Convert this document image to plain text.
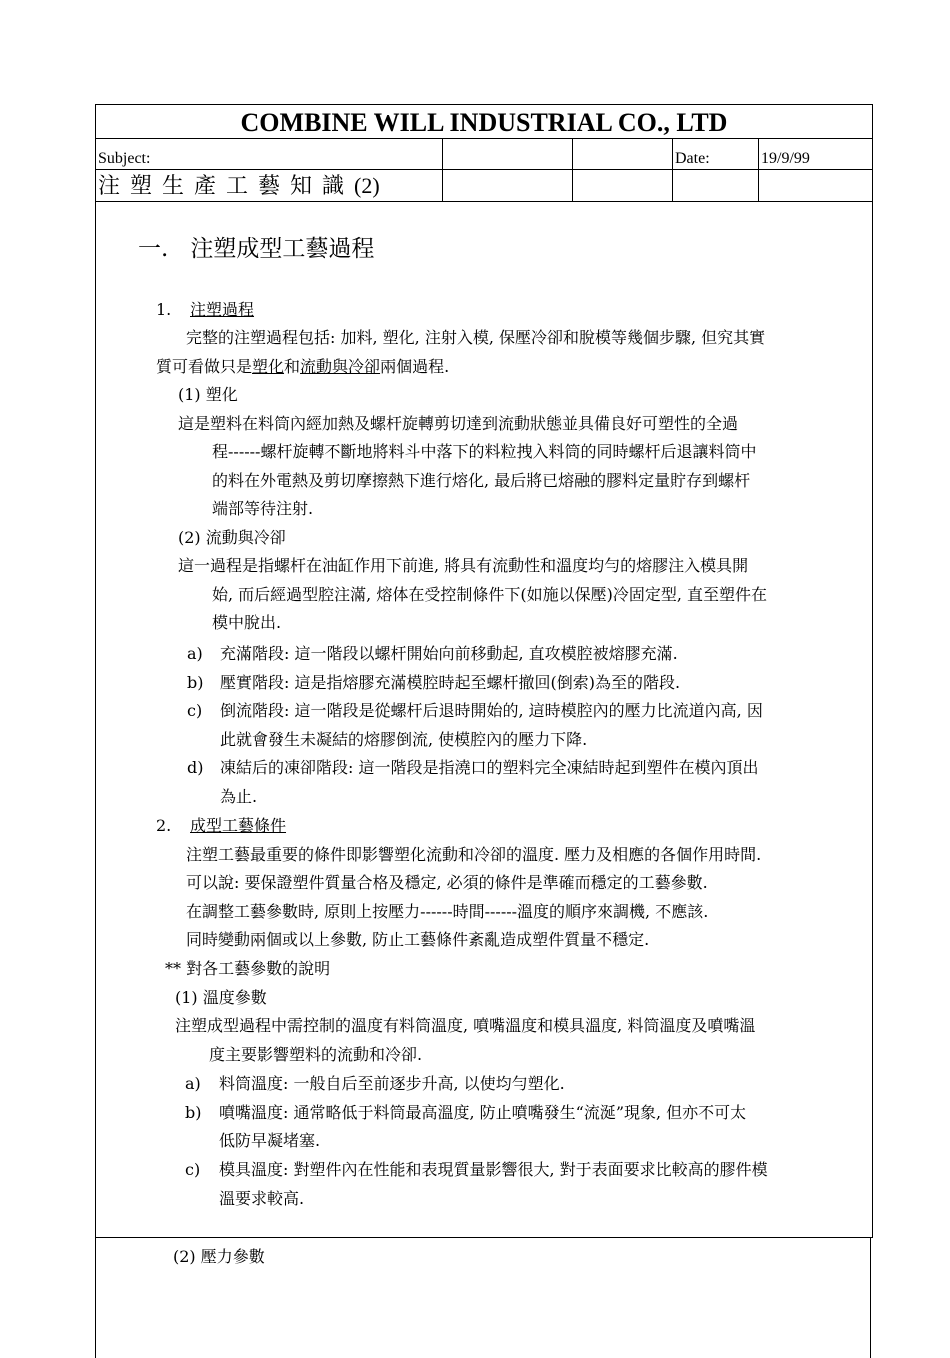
COMBINE WILL INDUSTRIAL CO., LTD
Subject:	Date:	19/9/99
注塑生產工藝知識(2)
一. 注塑成型工藝過程
1. 注塑過程
完整的注塑過程包括: 加料, 塑化, 注射入模, 保壓冷卻和脫模等幾個步驟, 但究其實
質可看做只是塑化和流動與冷卻兩個過程.
(1) 塑化
這是塑料在料筒內經加熱及螺杆旋轉剪切達到流動狀態並具備良好可塑性的全過
程------螺杆旋轉不斷地將料斗中落下的料粒拽入料筒的同時螺杆后退讓料筒中
的料在外電熱及剪切摩擦熱下進行熔化, 最后將已熔融的膠料定量貯存到螺杆
端部等待注射.
(2) 流動與冷卻
這一過程是指螺杆在油缸作用下前進, 將具有流動性和溫度均勻的熔膠注入模具開
始, 而后經過型腔注滿, 熔体在受控制條件下(如施以保壓)冷固定型, 直至塑件在
模中脫出.
a) 充滿階段: 這一階段以螺杆開始向前移動起, 直攻模腔被熔膠充滿.
b) 壓實階段: 這是指熔膠充滿模腔時起至螺杆撤回(倒索)為至的階段.
c) 倒流階段: 這一階段是從螺杆后退時開始的, 這時模腔內的壓力比流道內高, 因
此就會發生未凝結的熔膠倒流, 使模腔內的壓力下降.
d) 凍結后的凍卻階段: 這一階段是指澆口的塑料完全凍結時起到塑件在模內頂出
為止.
2. 成型工藝條件
注塑工藝最重要的條件即影響塑化流動和冷卻的溫度. 壓力及相應的各個作用時間.
可以說: 要保證塑件質量合格及穩定, 必須的條件是準確而穩定的工藝參數.
在調整工藝參數時, 原則上按壓力------時間------溫度的順序來調機, 不應該.
同時變動兩個或以上參數, 防止工藝條件紊亂造成塑件質量不穩定.
** 對各工藝參數的說明
(1) 溫度參數
注塑成型過程中需控制的溫度有料筒溫度, 噴嘴溫度和模具溫度, 料筒溫度及噴嘴溫
度主要影響塑料的流動和冷卻.
a) 料筒溫度: 一般自后至前逐步升高, 以使均勻塑化.
b) 噴嘴溫度: 通常略低于料筒最高溫度, 防止噴嘴發生“流涎”現象, 但亦不可太
低防早凝堵塞.
c) 模具溫度: 對塑件內在性能和表現質量影響很大, 對于表面要求比較高的膠件模
溫要求較高.
(2) 壓力參數
